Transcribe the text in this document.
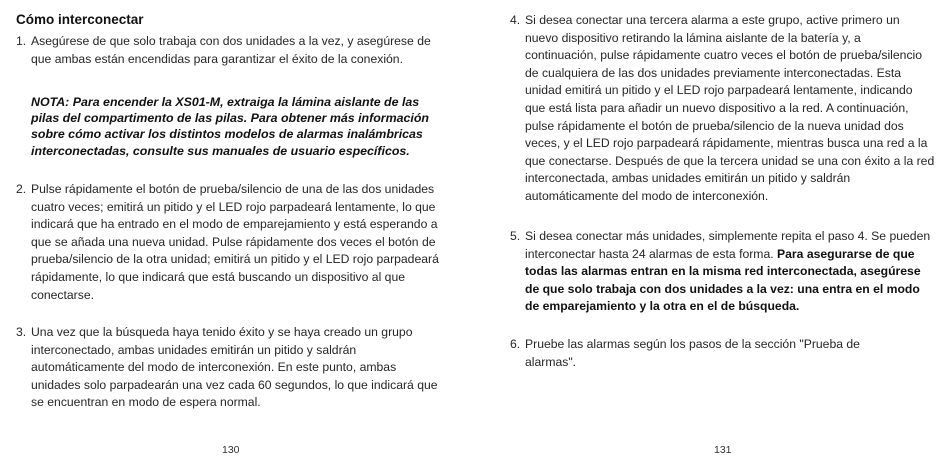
Cómo interconectar
1. Asegúrese de que solo trabaja con dos unidades a la vez, y asegúrese de que ambas están encendidas para garantizar el éxito de la conexión.
NOTA: Para encender la XS01-M, extraiga la lámina aislante de las pilas del compartimento de las pilas. Para obtener más información sobre cómo activar los distintos modelos de alarmas inalámbricas interconectadas, consulte sus manuales de usuario específicos.
2. Pulse rápidamente el botón de prueba/silencio de una de las dos unidades cuatro veces; emitirá un pitido y el LED rojo parpadeará lentamente, lo que indicará que ha entrado en el modo de emparejamiento y está esperando a que se añada una nueva unidad. Pulse rápidamente dos veces el botón de prueba/silencio de la otra unidad; emitirá un pitido y el LED rojo parpadeará rápidamente, lo que indicará que está buscando un dispositivo al que conectarse.
3. Una vez que la búsqueda haya tenido éxito y se haya creado un grupo interconectado, ambas unidades emitirán un pitido y saldrán automáticamente del modo de interconexión. En este punto, ambas unidades solo parpadearán una vez cada 60 segundos, lo que indicará que se encuentran en modo de espera normal.
130
4. Si desea conectar una tercera alarma a este grupo, active primero un nuevo dispositivo retirando la lámina aislante de la batería y, a continuación, pulse rápidamente cuatro veces el botón de prueba/silencio de cualquiera de las dos unidades previamente interconectadas. Esta unidad emitirá un pitido y el LED rojo parpadeará lentamente, indicando que está lista para añadir un nuevo dispositivo a la red. A continuación, pulse rápidamente el botón de prueba/silencio de la nueva unidad dos veces, y el LED rojo parpadeará rápidamente, mientras busca una red a la que conectarse. Después de que la tercera unidad se una con éxito a la red interconectada, ambas unidades emitirán un pitido y saldrán automáticamente del modo de interconexión.
5. Si desea conectar más unidades, simplemente repita el paso 4. Se pueden interconectar hasta 24 alarmas de esta forma. Para asegurarse de que todas las alarmas entran en la misma red interconectada, asegúrese de que solo trabaja con dos unidades a la vez: una entra en el modo de emparejamiento y la otra en el de búsqueda.
6. Pruebe las alarmas según los pasos de la sección "Prueba de alarmas".
131
